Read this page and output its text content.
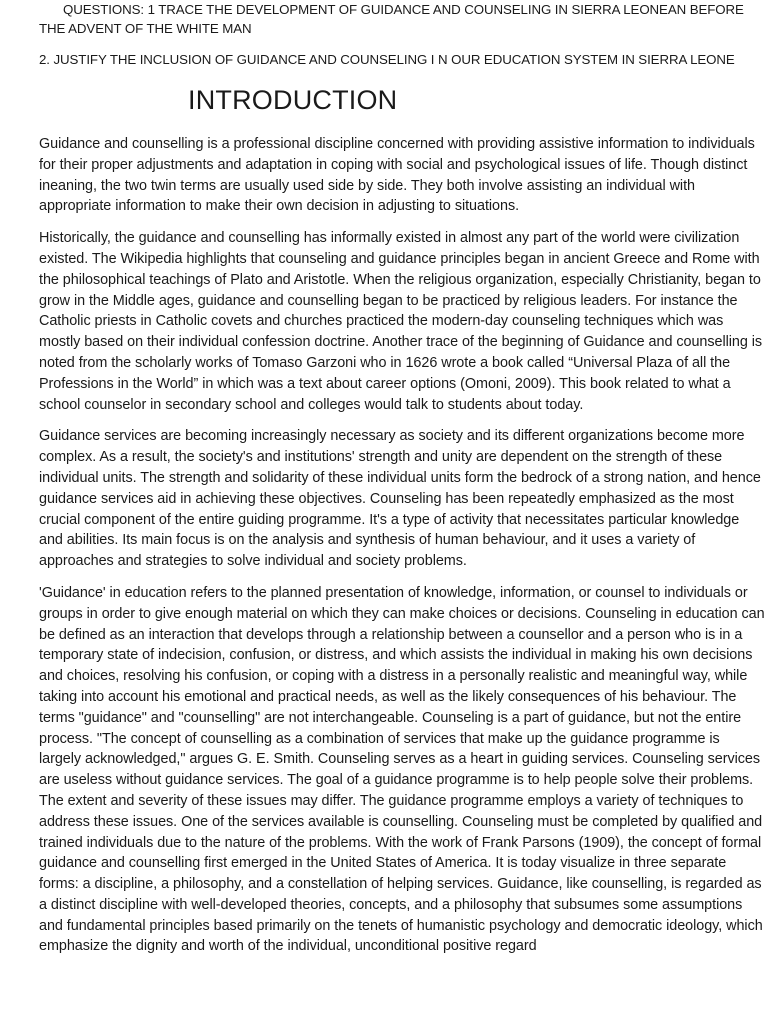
QUESTIONS: 1 TRACE THE DEVELOPMENT OF GUIDANCE AND COUNSELING IN SIERRA LEONEAN BEFORE THE ADVENT OF THE WHITE MAN

2. JUSTIFY THE INCLUSION OF GUIDANCE AND COUNSELING I N OUR EDUCATION SYSTEM IN SIERRA LEONE

INTRODUCTION

Guidance and counselling is a professional discipline concerned with providing assistive information to individuals for their proper adjustments and adaptation in coping with social and psychological issues of life. Though distinct ineaning, the two twin terms are usually used side by side. They both involve assisting an individual with appropriate information to make their own decision in adjusting to situations.

Historically, the guidance and counselling has informally existed in almost any part of the world were civilization existed. The Wikipedia highlights that counseling and guidance principles began in ancient Greece and Rome with the philosophical teachings of Plato and Aristotle. When the religious organization, especially Christianity, began to grow in the Middle ages, guidance and counselling began to be practiced by religious leaders. For instance the Catholic priests in Catholic covets and churches practiced the modern-day counseling techniques which was mostly based on their individual confession doctrine. Another trace of the beginning of Guidance and counselling is noted from the scholarly works of Tomaso Garzoni who in 1626 wrote a book called “Universal Plaza of all the Professions in the World” in which was a text about career options (Omoni, 2009). This book related to what a school counselor in secondary school and colleges would talk to students about today.

Guidance services are becoming increasingly necessary as society and its different organizations become more complex. As a result, the society's and institutions' strength and unity are dependent on the strength of these individual units. The strength and solidarity of these individual units form the bedrock of a strong nation, and hence guidance services aid in achieving these objectives. Counseling has been repeatedly emphasized as the most crucial component of the entire guiding programme. It's a type of activity that necessitates particular knowledge and abilities. Its main focus is on the analysis and synthesis of human behaviour, and it uses a variety of approaches and strategies to solve individual and society problems.

'Guidance' in education refers to the planned presentation of knowledge, information, or counsel to individuals or groups in order to give enough material on which they can make choices or decisions. Counseling in education can be defined as an interaction that develops through a relationship between a counsellor and a person who is in a temporary state of indecision, confusion, or distress, and which assists the individual in making his own decisions and choices, resolving his confusion, or coping with a distress in a personally realistic and meaningful way, while taking into account his emotional and practical needs, as well as the likely consequences of his behaviour. The terms "guidance" and "counselling" are not interchangeable. Counseling is a part of guidance, but not the entire process. "The concept of counselling as a combination of services that make up the guidance programme is largely acknowledged," argues G. E. Smith. Counseling serves as a heart in guiding services. Counseling services are useless without guidance services. The goal of a guidance programme is to help people solve their problems. The extent and severity of these issues may differ. The guidance programme employs a variety of techniques to address these issues. One of the services available is counselling. Counseling must be completed by qualified and trained individuals due to the nature of the problems. With the work of Frank Parsons (1909), the concept of formal guidance and counselling first emerged in the United States of America. It is today visualize in three separate forms: a discipline, a philosophy, and a constellation of helping services. Guidance, like counselling, is regarded as a distinct discipline with well-developed theories, concepts, and a philosophy that subsumes some assumptions and fundamental principles based primarily on the tenets of humanistic psychology and democratic ideology, which emphasize the dignity and worth of the individual, unconditional positive regard
